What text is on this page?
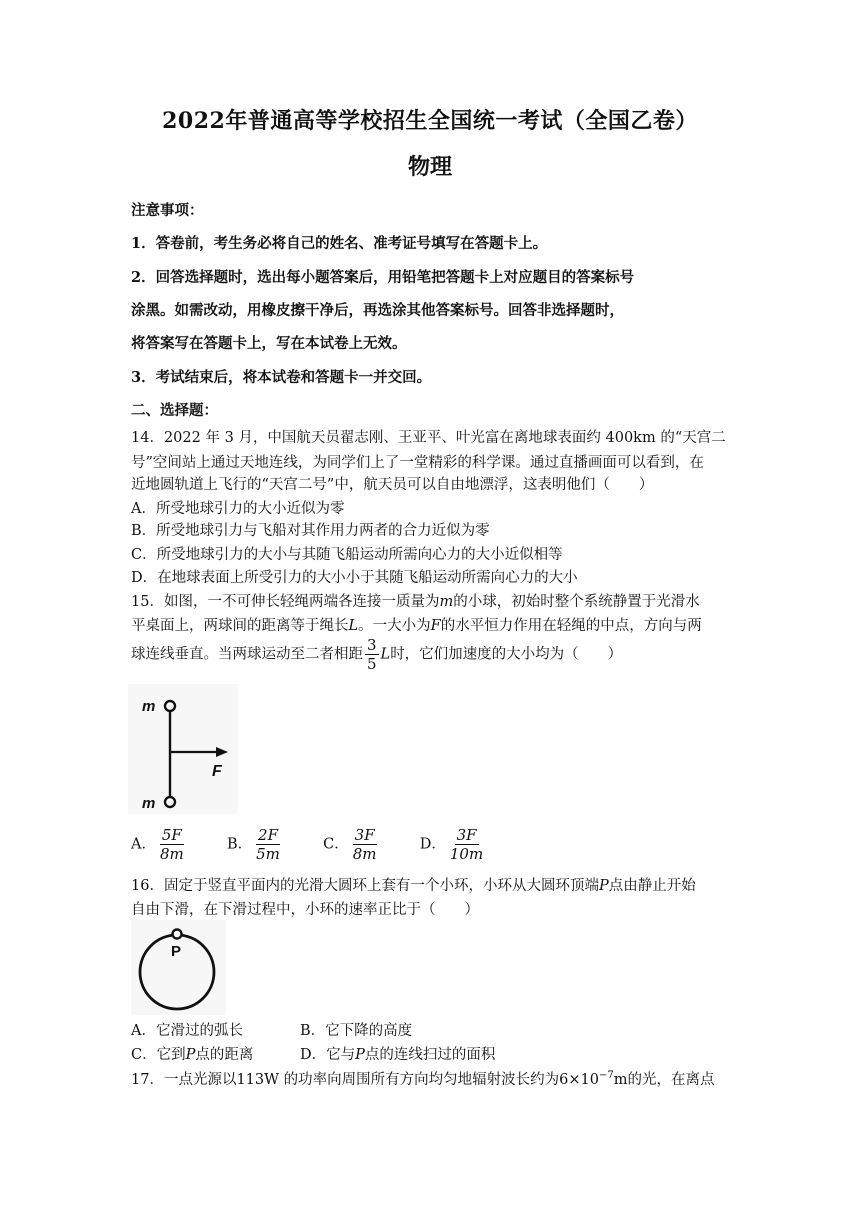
2022年普通高等学校招生全国统一考试（全国乙卷）
物理
注意事项：
1．答卷前，考生务必将自己的姓名、准考证号填写在答题卡上。
2．回答选择题时，选出每小题答案后，用铅笔把答题卡上对应题目的答案标号
涂黑。如需改动，用橡皮擦干净后，再选涂其他答案标号。回答非选择题时，
将答案写在答题卡上，写在本试卷上无效。
3．考试结束后，将本试卷和答题卡一并交回。
二、选择题：
14．2022 年 3 月，中国航天员翟志刚、王亚平、叶光富在离地球表面约 400km 的“天宫二
号”空间站上通过天地连线，为同学们上了一堂精彩的科学课。通过直播画面可以看到，在
近地圆轨道上飞行的“天宫二号”中，航天员可以自由地漂浮，这表明他们（　　）
A．所受地球引力的大小近似为零
B．所受地球引力与飞船对其作用力两者的合力近似为零
C．所受地球引力的大小与其随飞船运动所需向心力的大小近似相等
D．在地球表面上所受引力的大小小于其随飞船运动所需向心力的大小
15．如图，一不可伸长轻绳两端各连接一质量为m的小球，初始时整个系统静置于光滑水
平桌面上，两球间的距离等于绳长L。一大小为F的水平恒力作用在轻绳的中点，方向与两
球连线垂直。当两球运动至二者相距 $\frac{3}{5}$ L时，它们加速度的大小均为（　　）
m
m
F
A． $\frac{5F}{8m}$	B． $\frac{2F}{5m}$	C． $\frac{3F}{8m}$	D． $\frac{3F}{10m}$
16．固定于竖直平面内的光滑大圆环上套有一个小环，小环从大圆环顶端P点由静止开始
自由下滑，在下滑过程中，小环的速率正比于（　　）
P
A．它滑过的弧长	B．它下降的高度
C．它到P点的距离	D．它与P点的连线扫过的面积
17．一点光源以113W 的功率向周围所有方向均匀地辐射波长约为$6\times 10^{-7}m$的光，在离点
